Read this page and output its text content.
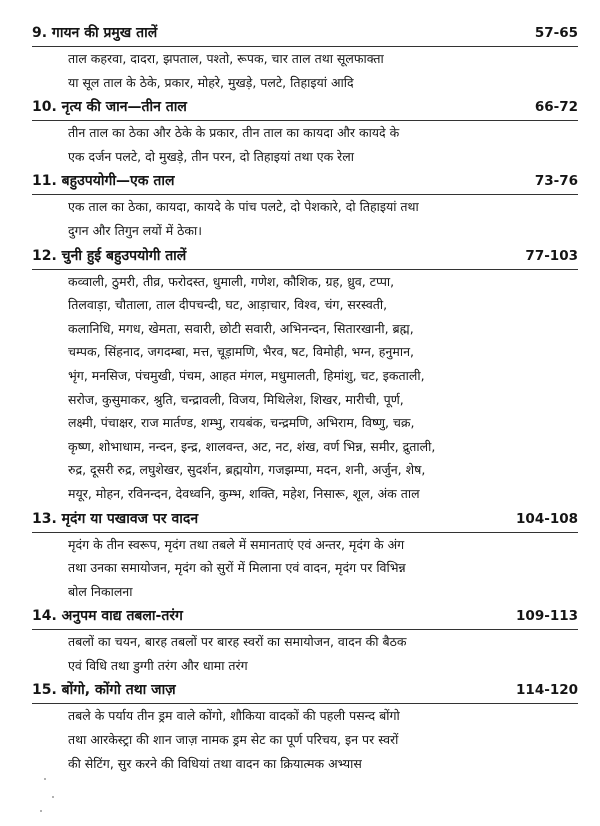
9. गायन की प्रमुख तालें	57-65
ताल कहरवा, दादरा, झपताल, पश्तो, रूपक, चार ताल तथा सूलफाक्ता
या सूल ताल के ठेके, प्रकार, मोहरे, मुखड़े, पलटे, तिहाइयां आदि
10. नृत्य की जान—तीन ताल	66-72
तीन ताल का ठेका और ठेके के प्रकार, तीन ताल का कायदा और कायदे के
एक दर्जन पलटे, दो मुखड़े, तीन परन, दो तिहाइयां तथा एक रेला
11. बहुउपयोगी—एक ताल	73-76
एक ताल का ठेका, कायदा, कायदे के पांच पलटे, दो पेशकारे, दो तिहाइयां तथा
दुगन और तिगुन लयों में ठेका।
12. चुनी हुई बहुउपयोगी तालें	77-103
कव्वाली, ठुमरी, तीव्र, फरोदस्त, धुमाली, गणेश, कौशिक, ग्रह, ध्रुव, टप्पा,
तिलवाड़ा, चौताला, ताल दीपचन्दी, घट, आड़ाचार, विश्व, चंग, सरस्वती,
कलानिधि, मगध, खेमता, सवारी, छोटी सवारी, अभिनन्दन, सितारखानी, ब्रह्म,
चम्पक, सिंहनाद, जगदम्बा, मत्त, चूड़ामणि, भैरव, षट, विमोही, भग्न, हनुमान,
भृंग, मनसिज, पंचमुखी, पंचम, आहत मंगल, मधुमालती, हिमांशु, चट, इकताली,
सरोज, कुसुमाकर, श्रुति, चन्द्रावली, विजय, मिथिलेश, शिखर, मारीची, पूर्ण,
लक्ष्मी, पंचाक्षर, राज मार्तण्ड, शम्भु, रायबंक, चन्द्रमणि, अभिराम, विष्णु, चक्र,
कृष्ण, शोभाधाम, नन्दन, इन्द्र, शालवन्त, अट, नट, शंख, वर्ण भिन्न, समीर, द्रुताली,
रुद्र, दूसरी रुद्र, लघुशेखर, सुदर्शन, ब्रह्मयोग, गजझम्पा, मदन, शनी, अर्जुन, शेष,
मयूर, मोहन, रविनन्दन, देवध्वनि, कुम्भ, शक्ति, महेश, निसारू, शूल, अंक ताल
13. मृदंग या पखावज पर वादन	104-108
मृदंग के तीन स्वरूप, मृदंग तथा तबले में समानताएं एवं अन्तर, मृदंग के अंग
तथा उनका समायोजन, मृदंग को सुरों में मिलाना एवं वादन, मृदंग पर विभिन्न
बोल निकालना
14. अनुपम वाद्य तबला-तरंग	109-113
तबलों का चयन, बारह तबलों पर बारह स्वरों का समायोजन, वादन की बैठक
एवं विधि तथा डुग्गी तरंग और धामा तरंग
15. बोंगो, कोंगो तथा जाज़	114-120
तबले के पर्याय तीन ड्रम वाले कोंगो, शौकिया वादकों की पहली पसन्द बोंगो
तथा आरकेस्ट्रा की शान जाज़ नामक ड्रम सेट का पूर्ण परिचय, इन पर स्वरों
की सेटिंग, सुर करने की विधियां तथा वादन का क्रियात्मक अभ्यास
